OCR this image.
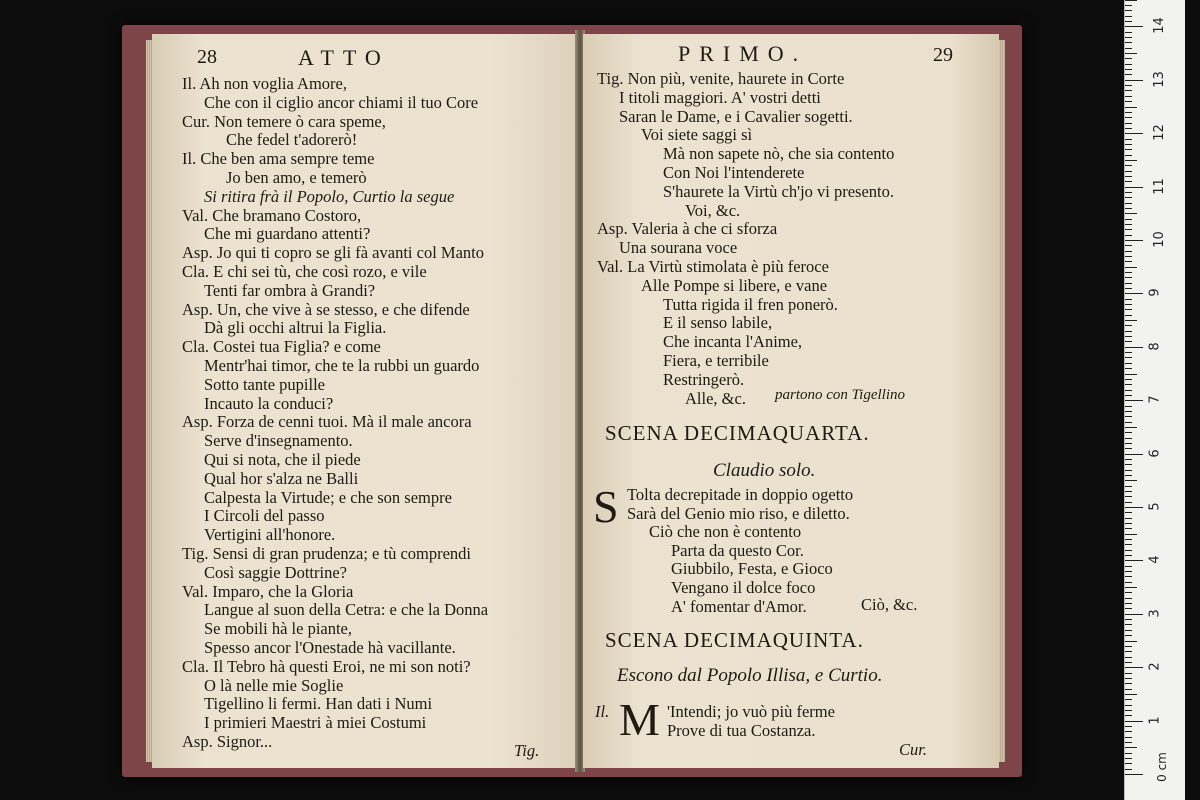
28	ATTO
Il. Ah non voglia Amore,
Che con il ciglio ancor chiami il tuo Core
Cur. Non temere ò cara speme,
Che fedel t'adorerò!
Il. Che ben ama sempre teme
Jo ben amo, e temerò
Si ritira frà il Popolo, Curtio la segue
Val. Che bramano Costoro,
Che mi guardano attenti?
Asp. Jo qui ti copro se gli fà avanti col Manto
Cla. E chi sei tù, che così rozo, e vile
Tenti far ombra à Grandi?
Asp. Un, che vive à se stesso, e che difende
Dà gli occhi altrui la Figlia.
Cla. Costei tua Figlia? e come
Mentr'hai timor, che te la rubbi un guardo
Sotto tante pupille
Incauto la conduci?
Asp. Forza de cenni tuoi. Mà il male ancora
Serve d'insegnamento.
Qui si nota, che il piede
Qual hor s'alza ne Balli
Calpesta la Virtude; e che son sempre
I Circoli del passo
Vertigini all'honore.
Tig. Sensi di gran prudenza; e tù comprendi
Così saggie Dottrine?
Val. Imparo, che la Gloria
Langue al suon della Cetra: e che la Donna
Se mobili hà le piante,
Spesso ancor l'Onestade hà vacillante.
Cla. Il Tebro hà questi Eroi, ne mi son noti?
O là nelle mie Soglie
Tigellino li fermi. Han dati i Numi
I primieri Maestri à miei Costumi
Asp. Signor...	Tig.
PRIMO.	29
Tig. Non più, venite, haurete in Corte
I titoli maggiori. A' vostri detti
Saran le Dame, e i Cavalier sogetti.
Voi siete saggi sì
Mà non sapete nò, che sia contento
Con Noi l'intenderete
S'haurete la Virtù ch'jo vi presento.
Voi, &c.
Asp. Valeria à che ci sforza
Una sourana voce
Val. La Virtù stimolata è più feroce
Alle Pompe si libere, e vane
Tutta rigida il fren ponerò.
E il senso labile,
Che incanta l'Anime,
Fiera, e terribile
Restringerò.
Alle, &c. partono con Tigellino
SCENA DECIMAQUARTA.
Claudio solo.
S Tolta decrepitade in doppio ogetto
Sarà del Genio mio riso, e diletto.
Ciò che non è contento
Parta da questo Cor.
Giubbilo, Festa, e Gioco
Vengano il dolce foco
A' fomentar d'Amor.	Ciò, &c.
SCENA DECIMAQUINTA.
Escono dal Popolo Illisa, e Curtio.
Il. M 'Intendi; jo vuò più ferme
Prove di tua Costanza.
Cur.
1
2
3
4
5
6
7
8
9
10
11
12
13
14
0 cm
